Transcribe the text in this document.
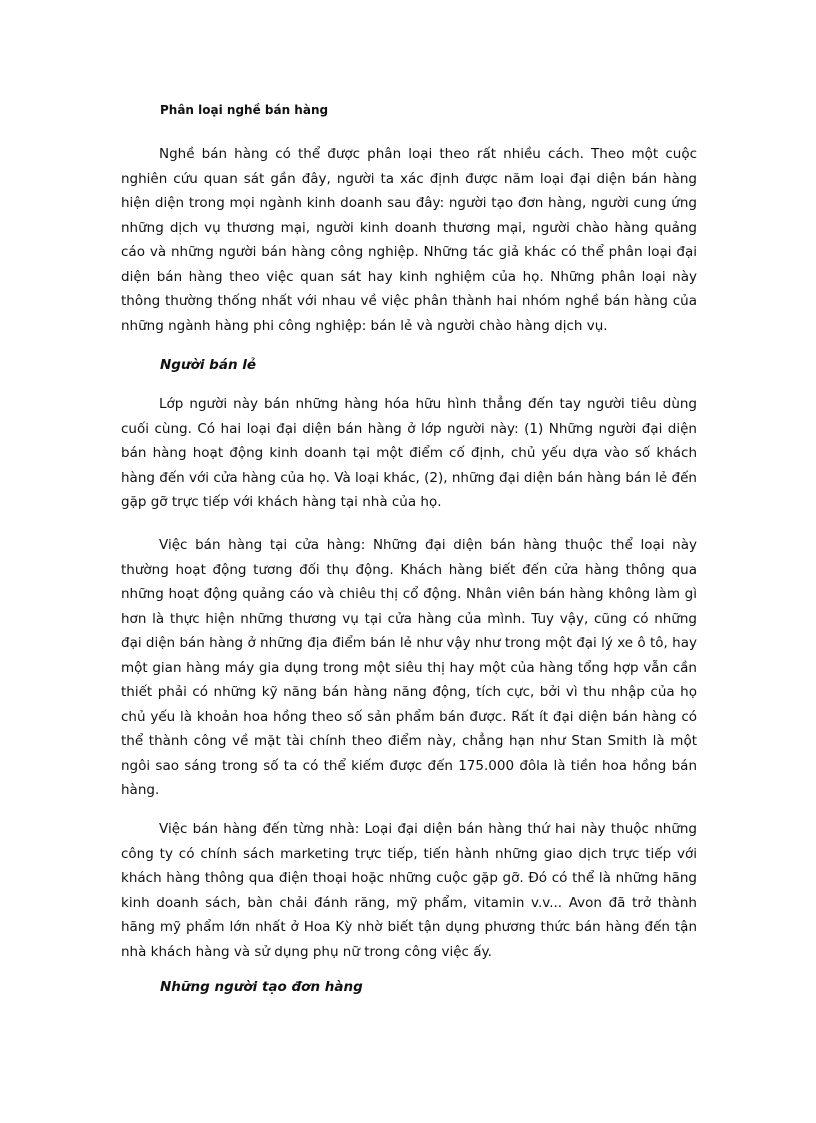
Phân loại nghề bán hàng
Nghề bán hàng có thể được phân loại theo rất nhiều cách. Theo một cuộc nghiên cứu quan sát gần đây, người ta xác định được năm loại đại diện bán hàng hiện diện trong mọi ngành kinh doanh sau đây: người tạo đơn hàng, người cung ứng những dịch vụ thương mại, người kinh doanh thương mại, người chào hàng quảng cáo và những người bán hàng công nghiệp. Những tác giả khác có thể phân loại đại diện bán hàng theo việc quan sát hay kinh nghiệm của họ. Những phân loại này thông thường thống nhất với nhau về việc phân thành hai nhóm nghề bán hàng của những ngành hàng phi công nghiệp: bán lẻ và người chào hàng dịch vụ.
Người bán lẻ
Lớp người này bán những hàng hóa hữu hình thẳng đến tay người tiêu dùng cuối cùng. Có hai loại đại diện bán hàng ở lớp người này: (1) Những người đại diện bán hàng hoạt động kinh doanh tại một điểm cố định, chủ yếu dựa vào số khách hàng đến với cửa hàng của họ. Và loại khác, (2), những đại diện bán hàng bán lẻ đến gặp gỡ trực tiếp với khách hàng tại nhà của họ.
Việc bán hàng tại cửa hàng: Những đại diện bán hàng thuộc thể loại này thường hoạt động tương đối thụ động. Khách hàng biết đến cửa hàng thông qua những hoạt động quảng cáo và chiêu thị cổ động. Nhân viên bán hàng không làm gì hơn là thực hiện những thương vụ tại cửa hàng của mình. Tuy vậy, cũng có những đại diện bán hàng ở những địa điểm bán lẻ như vậy như trong một đại lý xe ô tô, hay một gian hàng máy gia dụng trong một siêu thị hay một của hàng tổng hợp vẫn cần thiết phải có những kỹ năng bán hàng năng động, tích cực, bởi vì thu nhập của họ chủ yếu là khoản hoa hồng theo số sản phẩm bán được. Rất ít đại diện bán hàng có thể thành công về mặt tài chính theo điểm này, chẳng hạn như Stan Smith là một ngôi sao sáng trong số ta có thể kiếm được đến 175.000 đôla là tiền hoa hồng bán hàng.
Việc bán hàng đến từng nhà: Loại đại diện bán hàng thứ hai này thuộc những công ty có chính sách marketing trực tiếp, tiến hành những giao dịch trực tiếp với khách hàng thông qua điện thoại hoặc những cuộc gặp gỡ. Đó có thể là những hãng kinh doanh sách, bàn chải đánh răng, mỹ phẩm, vitamin v.v... Avon đã trở thành hãng mỹ phẩm lớn nhất ở Hoa Kỳ nhờ biết tận dụng phương thức bán hàng đến tận nhà khách hàng và sử dụng phụ nữ trong công việc ấy.
Những người tạo đơn hàng
